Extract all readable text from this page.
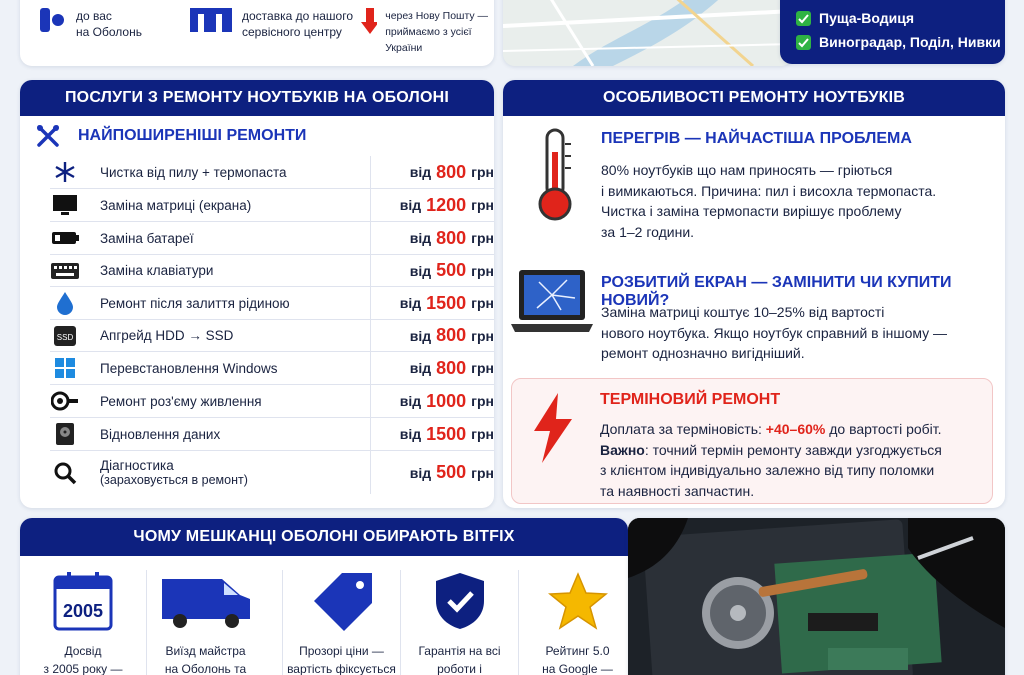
до вас
на Оболонь
доставка до нашого
сервісного центру
через Нову Пошту —
приймаємо з усієї України
Пуща-Водиця
Виноградар, Поділ, Нивки
ПОСЛУГИ З РЕМОНТУ НОУТБУКІВ НА ОБОЛОНІ
НАЙПОШИРЕНІШІ РЕМОНТИ
Чистка від пилу + термопаста	від 800 грн
Заміна матриці (екрана)	від 1200 грн
Заміна батареї	від 800 грн
Заміна клавіатури	від 500 грн
Ремонт після залиття рідиною	від 1500 грн
SSD Апгрейд HDD → SSD	від 800 грн
Перевстановлення Windows	від 800 грн
Ремонт роз'єму живлення	від 1000 грн
Відновлення даних	від 1500 грн
Діагностика
(зараховується в ремонт)	від 500 грн
ОСОБЛИВОСТІ РЕМОНТУ НОУТБУКІВ
ПЕРЕГРІВ — НАЙЧАСТІША ПРОБЛЕМА
80% ноутбуків що нам приносять — гріються
і вимикаються. Причина: пил і висохла термопаста.
Чистка і заміна термопасти вирішує проблему
за 1–2 години.
РОЗБИТИЙ ЕКРАН — ЗАМІНИТИ ЧИ КУПИТИ НОВИЙ?
Заміна матриці коштує 10–25% від вартості
нового ноутбука. Якщо ноутбук справний в іншому —
ремонт однозначно вигідніший.
ТЕРМІНОВИЙ РЕМОНТ
Доплата за терміновість: +40–60% до вартості робіт.
Важно: точний термін ремонту завжди узгоджується
з клієнтом індивідуально залежно від типу поломки
та наявності запчастин.
ЧОМУ МЕШКАНЦІ ОБОЛОНІ ОБИРАЮТЬ BITFIX
2005
Досвід
з 2005 року —
Виїзд майстра
на Оболонь та
Прозорі ціни —
вартість фіксується
Гарантія на всі
роботи і
Рейтинг 5.0
на Google —
